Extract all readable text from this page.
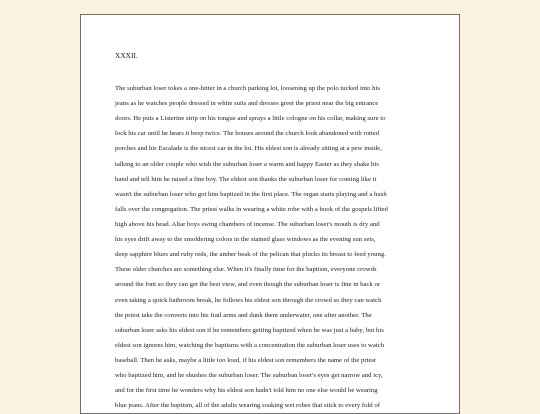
XXXII.
The suburban loser tokes a one-hitter in a church parking lot, loosening up the polo tucked into his
jeans as he watches people dressed in white suits and dresses greet the priest near the big entrance
doors. He puts a Listerine strip on his tongue and sprays a little cologne on his collar, making sure to
lock his car until he hears it beep twice. The houses around the church look abandoned with rotted
porches and his Escalade is the nicest car in the lot. His eldest son is already sitting at a pew inside,
talking to an older couple who wish the suburban loser a warm and happy Easter as they shake his
hand and tell him he raised a fine boy. The eldest son thanks the suburban loser for coming like it
wasn't the suburban loser who got him baptized in the first place. The organ starts playing and a hush
falls over the congregation. The priest walks in wearing a white robe with a book of the gospels lifted
high above his head. Altar boys swing chambers of incense. The suburban loser's mouth is dry and
his eyes drift away to the smoldering colors in the stained glass windows as the evening sun sets,
deep sapphire blues and ruby reds, the amber beak of the pelican that plucks its breast to feed young.
These older churches are something else. When it's finally time for the baptism, everyone crowds
around the font so they can get the best view, and even though the suburban loser is fine in back or
even taking a quick bathroom break, he follows his eldest son through the crowd so they can watch
the priest take the converts into his frail arms and dunk them underwater, one after another. The
suburban loser asks his eldest son if he remembers getting baptized when he was just a baby, but his
eldest son ignores him, watching the baptisms with a concentration the suburban loser uses to watch
baseball. Then he asks, maybe a little too loud, if his eldest son remembers the name of the priest
who baptized him, and he shushes the suburban loser. The suburban loser's eyes get narrow and icy,
and for the first time he wonders why his eldest son hadn't told him no one else would be wearing
blue jeans. After the baptism, all of the adults wearing soaking wet robes that stick to every fold of
